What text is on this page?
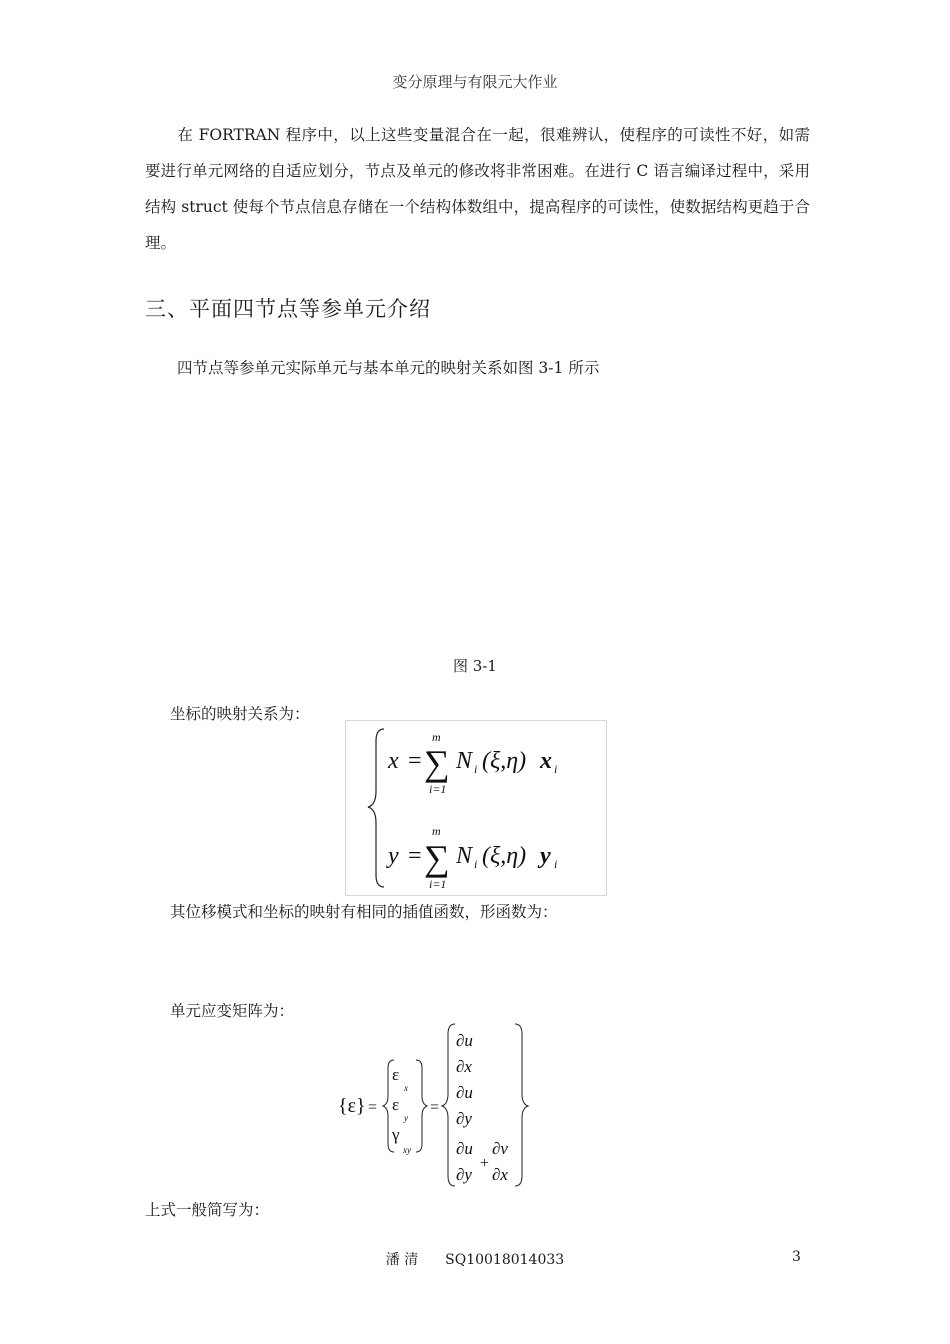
变分原理与有限元大作业
在 FORTRAN 程序中，以上这些变量混合在一起，很难辨认，使程序的可读性不好，如需要进行单元网络的自适应划分，节点及单元的修改将非常困难。在进行 C 语言编译过程中，采用结构 struct 使每个节点信息存储在一个结构体数组中，提高程序的可读性，使数据结构更趋于合理。
三、平面四节点等参单元介绍
四节点等参单元实际单元与基本单元的映射关系如图 3-1 所示
图 3-1
坐标的映射关系为：
x =
m
∑
i=1
N i (ξ,η) x i
y =
m
∑
i=1
N i (ξ,η) y i
其位移模式和坐标的映射有相同的插值函数，形函数为：
单元应变矩阵为：
{ε} =
ε
x
ε
y
γ
xy
=
∂u
∂x
∂u
∂y
∂u
∂y
+
∂v
∂x
上式一般简写为：
潘 清 SQ10018014033	3
